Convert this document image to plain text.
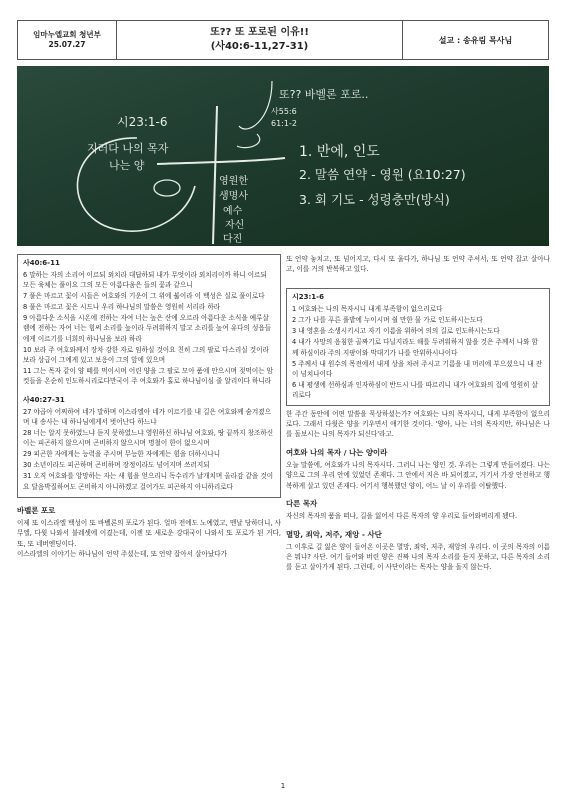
임마누엘교회 청년부
25.07.27
또?? 또 포로된 이유!!
(사40:6-11,27-31)
설교 : 송유림 목사님
또?? 바벨론 포로..
시23:1-6
사55:6
61:1-2
지러다 나의 목자
나는 양
1. 반에, 인도
2. 말씀 연약 - 영원 (요10:27)
3. 회 기도 - 성령충만(방식)
영원한
생명사
예수
자신
다진
사40:6-11

6 말하는 자의 소리여 이르되 외치라 대답하되 내가 무엇이라 외치리이까 하니 이르되 모든 육체는 풀이요 그의 모든 아름다움은 들의 꽃과 같으니

7 풀은 마르고 꽃이 시들은 여호와의 기운이 그 위에 붊이라 이 백성은 실로 풀이로다

8 풀은 마르고 꽃은 시드나 우리 하나님의 말씀은 영원히 서리라 하라

9 아름다운 소식을 시온에 전하는 자여 너는 높은 산에 오르라 아름다운 소식을 예루살렘에 전하는 자여 너는 힘써 소리를 높이라 두려워하지 말고 소리를 높여 유다의 성읍들에게 이르기를 너희의 하나님을 보라 하라

10 보라 주 여호와께서 장차 강한 자로 임하실 것이요 친히 그의 팔로 다스리실 것이라 보라 상급이 그에게 있고 보응이 그의 앞에 있으며

11 그는 목자 같이 양 떼를 먹이시며 어린 양을 그 팔로 모아 품에 안으시며 젖먹이는 암컷들을 온순히 인도하시리로다만국이 주 여호와가 홀로 하나님이심 줄 알리이다 하니라

사40:27-31

27 야곱아 어찌하여 네가 말하며 이스라엘아 네가 이르기를 내 길은 여호와께 숨겨졌으며 내 송사는 내 하나님에게서 벗어난다 하느냐

28 너는 알지 못하였느냐 듣지 못하였느냐 영원하신 하나님 여호와, 땅 끝까지 창조하신 이는 피곤하지 않으시며 곤비하지 않으시며 명철이 한이 없으시며

29 피곤한 자에게는 능력을 주시며 무능한 자에게는 힘을 더하시나니

30 소년이라도 피곤하며 곤비하며 장정이라도 넘어지며 쓰러지되

31 오직 여호와를 앙망하는 자는 새 힘을 얻으리니 독수리가 날개치며 올라감 같을 것이요 달음박질하여도 곤비하지 아니하겠고 걸어가도 피곤하지 아니하리로다

바벨론 포로

이제 또 이스라엘 백성이 또 바벨론의 포로가 된다. 얼마 전에도 노예였고, 맨날 당하더니, 사무엘, 다윗 나와서 불레셋에 이겼는데, 이젠 또 새로운 강대국이 나와서 또 포로가 된 거다, 또, 또 네버엔딩이다.

이스라엘의 이야기는 하나님이 언약 주셨는데, 또 언약 잡아서 살아났다가

또 언약 놓치고, 또 넘어지고, 다시 또 울다가, 하나님 또 언약 주셔서, 또 언약 잡고 살아나고, 이를 거의 반복하고 있다.

시23:1-6

1 여호와는 나의 목자시니 내게 부족함이 없으리로다

2 그가 나를 푸른 풀밭에 누이시며 쉴 만한 물 가로 인도하시는도다

3 내 영혼을 소생시키시고 자기 이름을 위하여 의의 길로 인도하시는도다

4 내가 사망의 음침한 골짜기로 다닐지라도 해를 두려워하지 않을 것은 주께서 나와 함께 하심이라 주의 지팡이와 막대기가 나를 안위하시나이다

5 주께서 내 원수의 목전에서 내게 상을 차려 주시고 기름을 내 머리에 부으셨으니 내 잔이 넘치나이다

6 내 평생에 선하심과 인자하심이 반드시 나를 따르리니 내가 여호와의 집에 영원히 살리로다

한 주간 동안에 어떤 말씀을 묵상하셨는가? 여호와는 나의 목자시니, 내게 부족함이 없으리로다. 그래서 다윗은 양을 키우면서 얘기한 것이다. '양아, 나는 너의 목자지만, 하나님은 나를 돌보시는 나의 목자가 되신다'라고.

여호와 나의 목자 / 나는 양이라

오늘 말씀에, 여호와가 나의 목자시다. 그러니 나는 양인 것. 우리는 그렇게 만들어졌다. 나는 양으로 그의 우리 안에 있었던 존재다. 그 안에서 지은 바 되어졌고, 거기서 가장 안전하고 행복하게 살고 있던 존재다. 여기서 행복했던 양이, 어느 날 이 우리를 이탈했다.

다른 목자

자신의 목자의 품을 떠나, 길을 잃어서 다른 목자의 양 우리로 들어와버리게 됐다.

멸망, 죄악, 저주, 재앙 - 사단

그 이후로 길 잃은 양이 들어온 이곳은 멸망, 죄악, 저주, 재앙의 우리다. 이 곳의 목자의 이름은 뭐냐? 사단. 여기 들어와 버린 양은 진짜 나의 목자 소리를 듣지 못하고, 다른 목자의 소리를 듣고 살아가게 된다. 그런데, 이 사단이라는 목자는 양을 돌지 않는다.

1
